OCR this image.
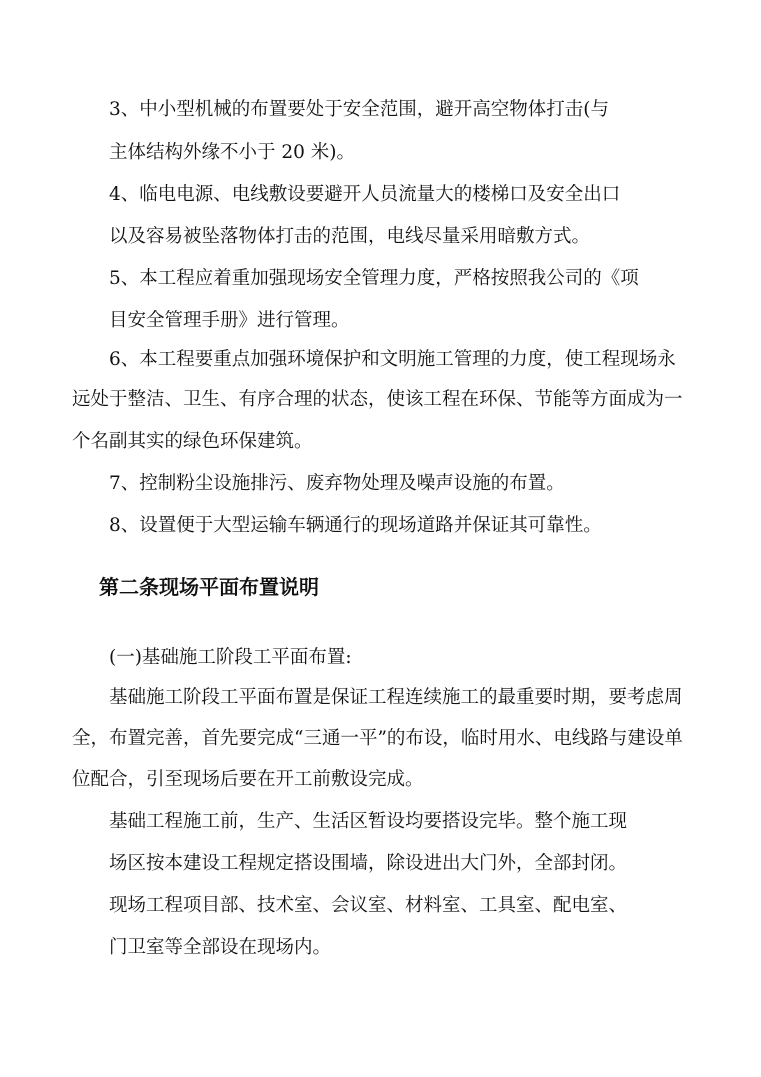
3、中小型机械的布置要处于安全范围，避开高空物体打击(与
主体结构外缘不小于 20 米)。
4、临电电源、电线敷设要避开人员流量大的楼梯口及安全出口
以及容易被坠落物体打击的范围，电线尽量采用暗敷方式。
5、本工程应着重加强现场安全管理力度，严格按照我公司的《项
目安全管理手册》进行管理。
6、本工程要重点加强环境保护和文明施工管理的力度，使工程现场永
远处于整洁、卫生、有序合理的状态，使该工程在环保、节能等方面成为一
个名副其实的绿色环保建筑。
7、控制粉尘设施排污、废弃物处理及噪声设施的布置。
8、设置便于大型运输车辆通行的现场道路并保证其可靠性。
第二条现场平面布置说明
(一)基础施工阶段工平面布置:
基础施工阶段工平面布置是保证工程连续施工的最重要时期，要考虑周
全，布置完善，首先要完成“三通一平”的布设，临时用水、电线路与建设单
位配合，引至现场后要在开工前敷设完成。
基础工程施工前，生产、生活区暂设均要搭设完毕。整个施工现
场区按本建设工程规定搭设围墙，除设进出大门外，全部封闭。
现场工程项目部、技术室、会议室、材料室、工具室、配电室、
门卫室等全部设在现场内。
